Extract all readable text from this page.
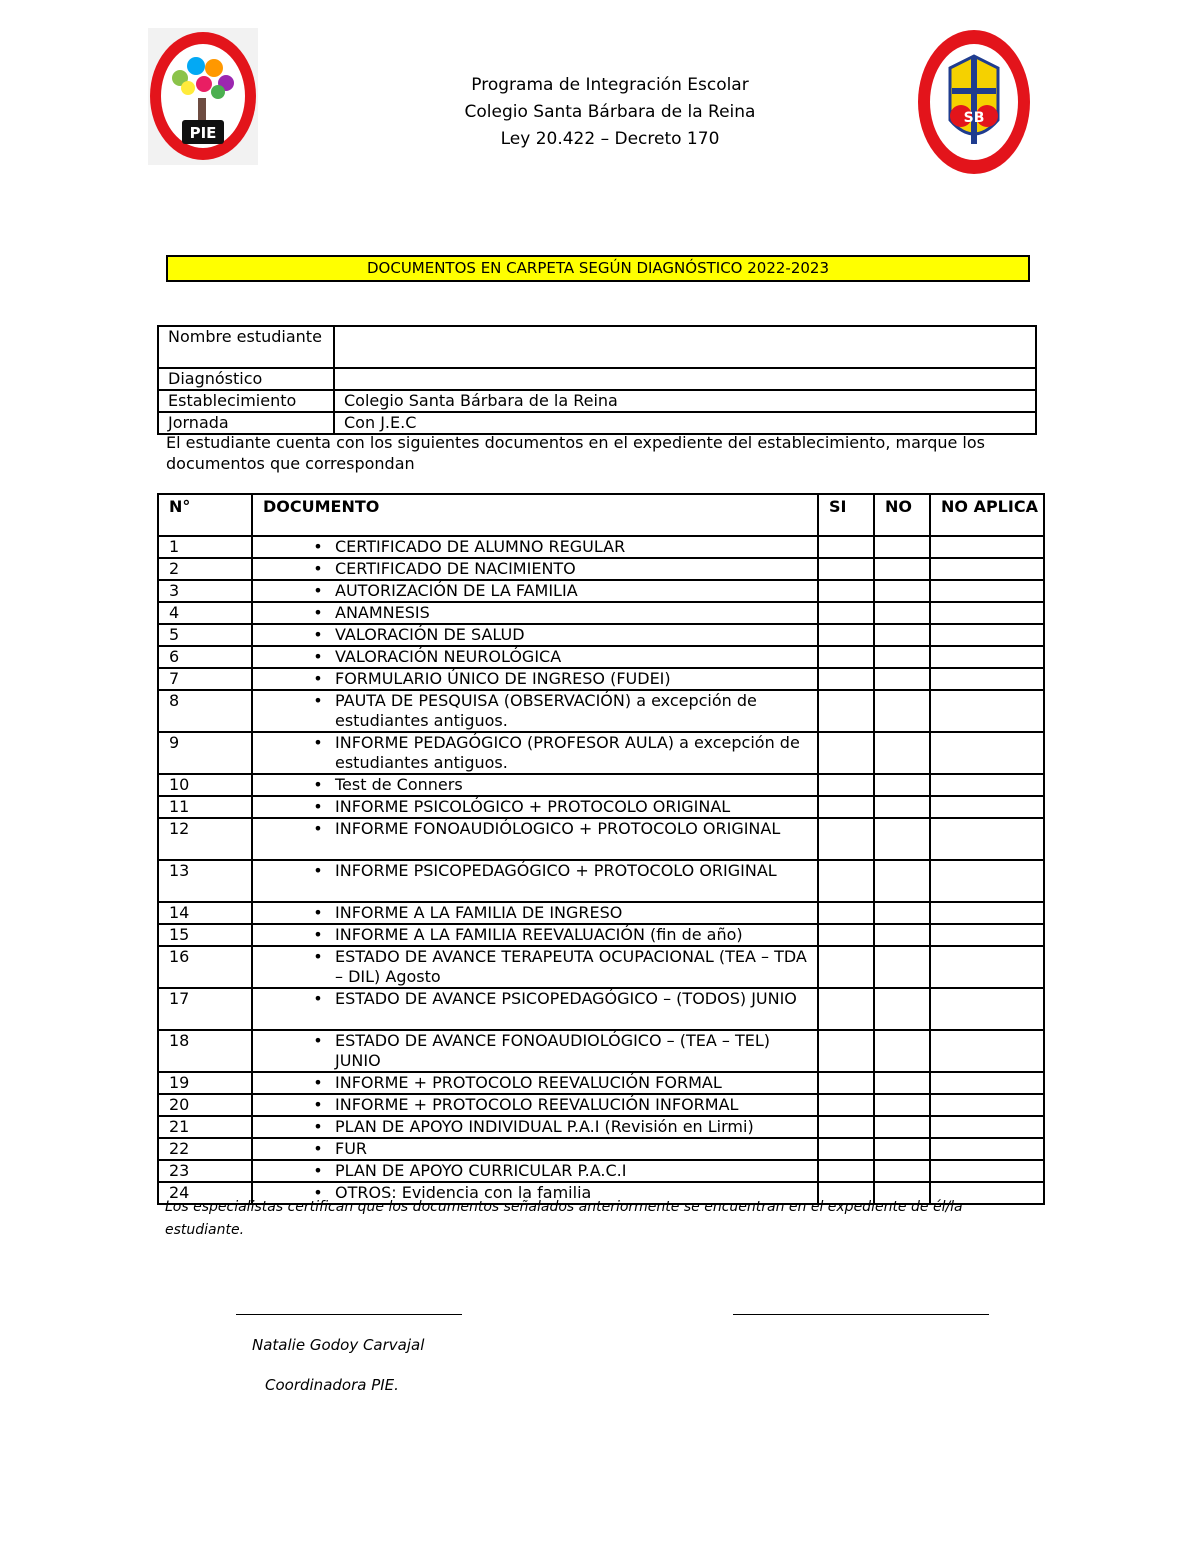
PIE
Programa de Integración Escolar
Colegio Santa Bárbara de la Reina
Ley 20.422 – Decreto 170
SB
DOCUMENTOS EN CARPETA SEGÚN DIAGNÓSTICO 2022-2023
Nombre estudiante	
Diagnóstico	
Establecimiento	Colegio Santa Bárbara de la Reina
Jornada	Con J.E.C
El estudiante cuenta con los siguientes documentos en el expediente del establecimiento, marque los documentos que correspondan
N°	DOCUMENTO	SI	NO	NO APLICA
1	• CERTIFICADO DE ALUMNO REGULAR			

2	• CERTIFICADO DE NACIMIENTO			

3	• AUTORIZACIÓN DE LA FAMILIA			

4	• ANAMNESIS			

5	• VALORACIÓN DE SALUD			

6	• VALORACIÓN NEUROLÓGICA			

7	• FORMULARIO ÚNICO DE INGRESO (FUDEI)			

8	• PAUTA DE PESQUISA (OBSERVACIÓN) a excepción de estudiantes antiguos.			

9	• INFORME PEDAGÓGICO (PROFESOR AULA) a excepción de estudiantes antiguos.			

10	• Test de Conners			

11	• INFORME PSICOLÓGICO + PROTOCOLO ORIGINAL			

12	• INFORME FONOAUDIÓLOGICO + PROTOCOLO ORIGINAL			

13	• INFORME PSICOPEDAGÓGICO + PROTOCOLO ORIGINAL			

14	• INFORME A LA FAMILIA DE INGRESO			

15	• INFORME A LA FAMILIA REEVALUACIÓN (fin de año)			

16	• ESTADO DE AVANCE TERAPEUTA OCUPACIONAL (TEA – TDA – DIL) Agosto			

17	• ESTADO DE AVANCE PSICOPEDAGÓGICO – (TODOS) JUNIO			

18	• ESTADO DE AVANCE FONOAUDIOLÓGICO – (TEA – TEL) JUNIO			

19	• INFORME + PROTOCOLO REEVALUCIÓN FORMAL			

20	• INFORME + PROTOCOLO REEVALUCIÓN INFORMAL			

21	• PLAN DE APOYO INDIVIDUAL P.A.I (Revisión en Lirmi)			

22	• FUR			

23	• PLAN DE APOYO CURRICULAR P.A.C.I			

24	• OTROS: Evidencia con la familia			

Los especialistas certifican que los documentos señalados anteriormente se encuentran en el expediente de él/la estudiante.
Natalie Godoy Carvajal
Coordinadora PIE.
